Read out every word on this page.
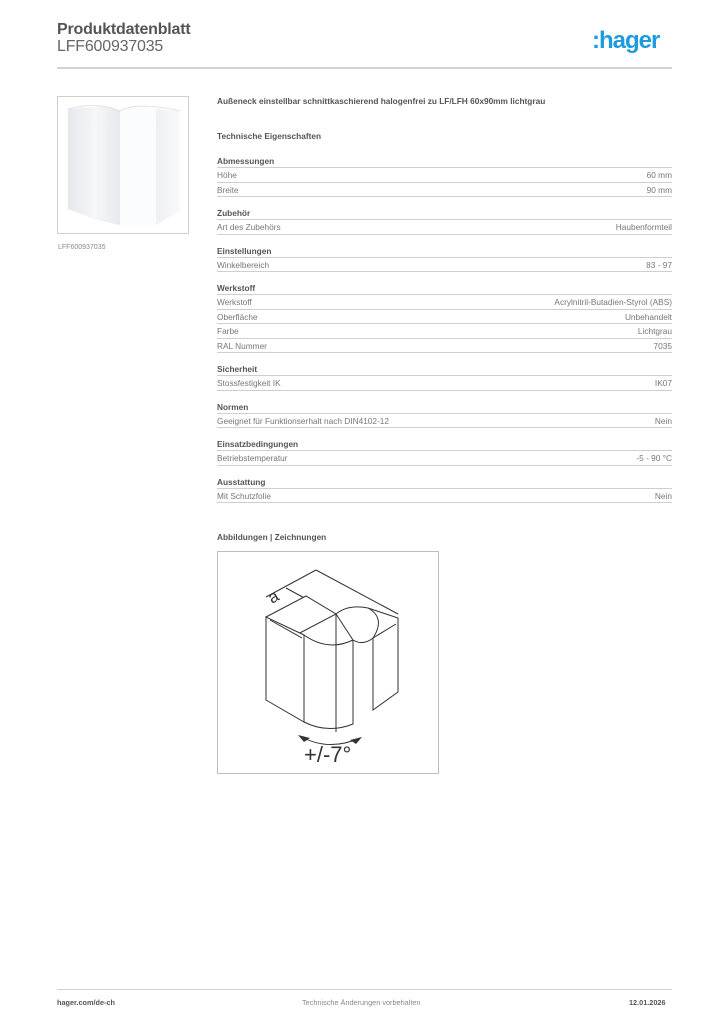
Produktdatenblatt
LFF600937035	:hager
LFF600937035
Außeneck einstellbar schnittkaschierend halogenfrei zu LF/LFH 60x90mm lichtgrau
Technische Eigenschaften
Abmessungen
Höhe	60 mm
Breite	90 mm
Zubehör
Art des Zubehörs	Haubenformteil
Einstellungen
Winkelbereich	83 - 97
Werkstoff
Werkstoff	Acrylnitril-Butadien-Styrol (ABS)
Oberfläche	Unbehandelt
Farbe	Lichtgrau
RAL Nummer	7035
Sicherheit
Stossfestigkeit IK	IK07
Normen
Geeignet für Funktionserhalt nach DIN4102-12	Nein
Einsatzbedingungen
Betriebstemperatur	-5 - 90 °C
Ausstattung
Mit Schutzfolie	Nein
Abbildungen | Zeichnungen
a
+/-7°
hager.com/de-ch	Technische Änderungen vorbehalten	12.01.2026
